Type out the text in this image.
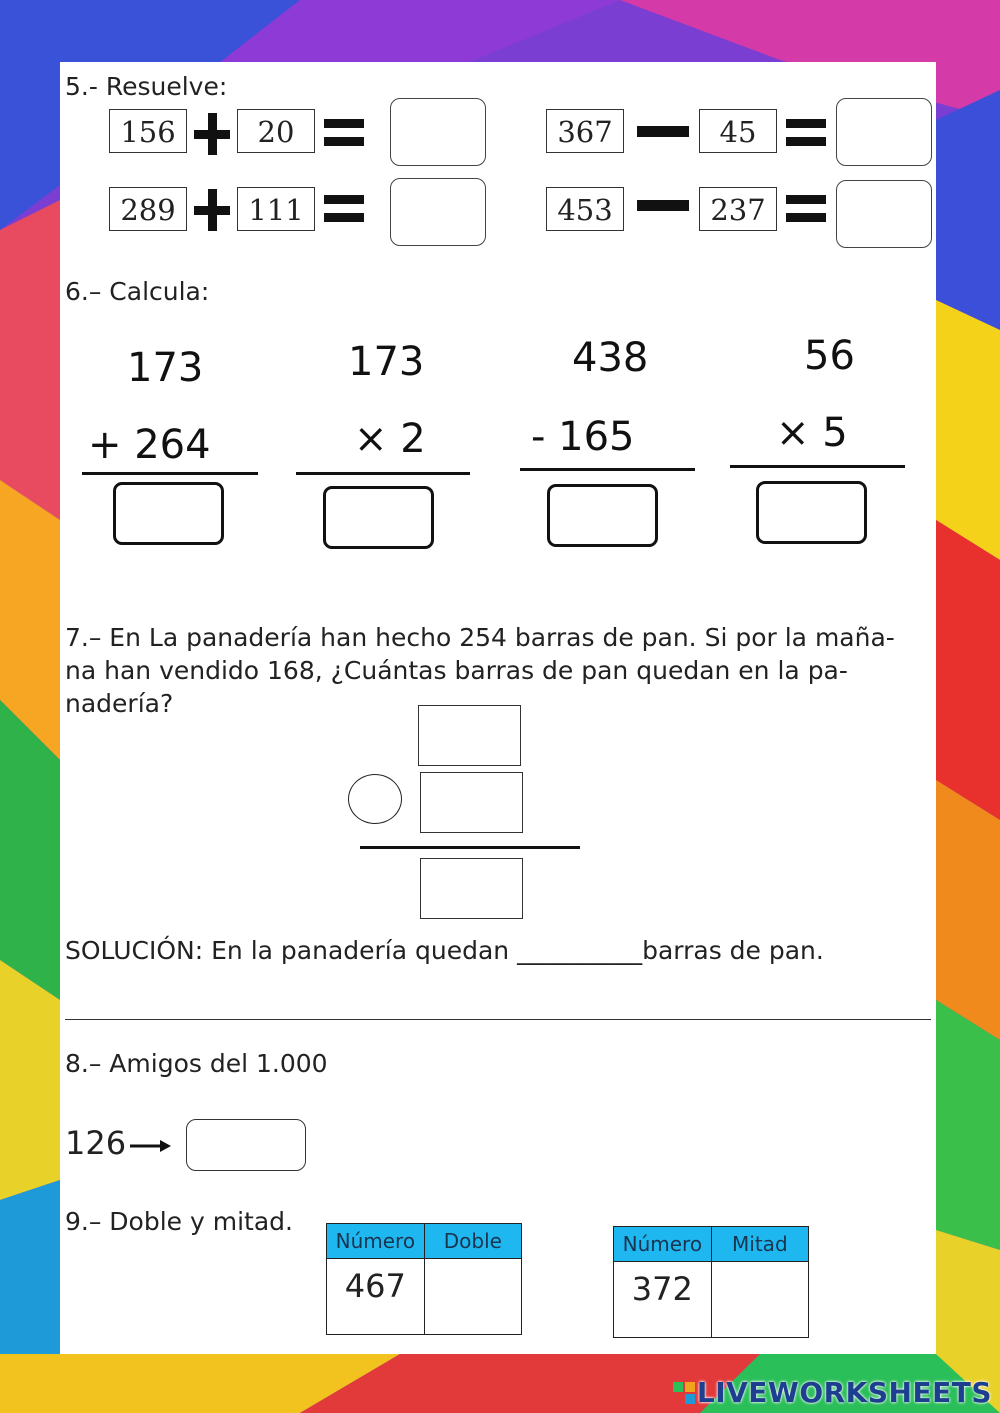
5.- Resuelve:
156	20	367	45
289	111	453	237
6.– Calcula:
173
+ 264
173
× 2
438
- 165
56
× 5
7.– En La panadería han hecho 254 barras de pan. Si por la maña-
na han vendido 168, ¿Cuántas barras de pan quedan en la pa-
nadería?
SOLUCIÓN: En la panadería quedan __________barras de pan.
8.– Amigos del 1.000
126
9.– Doble y mitad.
Número	Doble
467	
Número	Mitad
372	
LIVEWORKSHEETS
